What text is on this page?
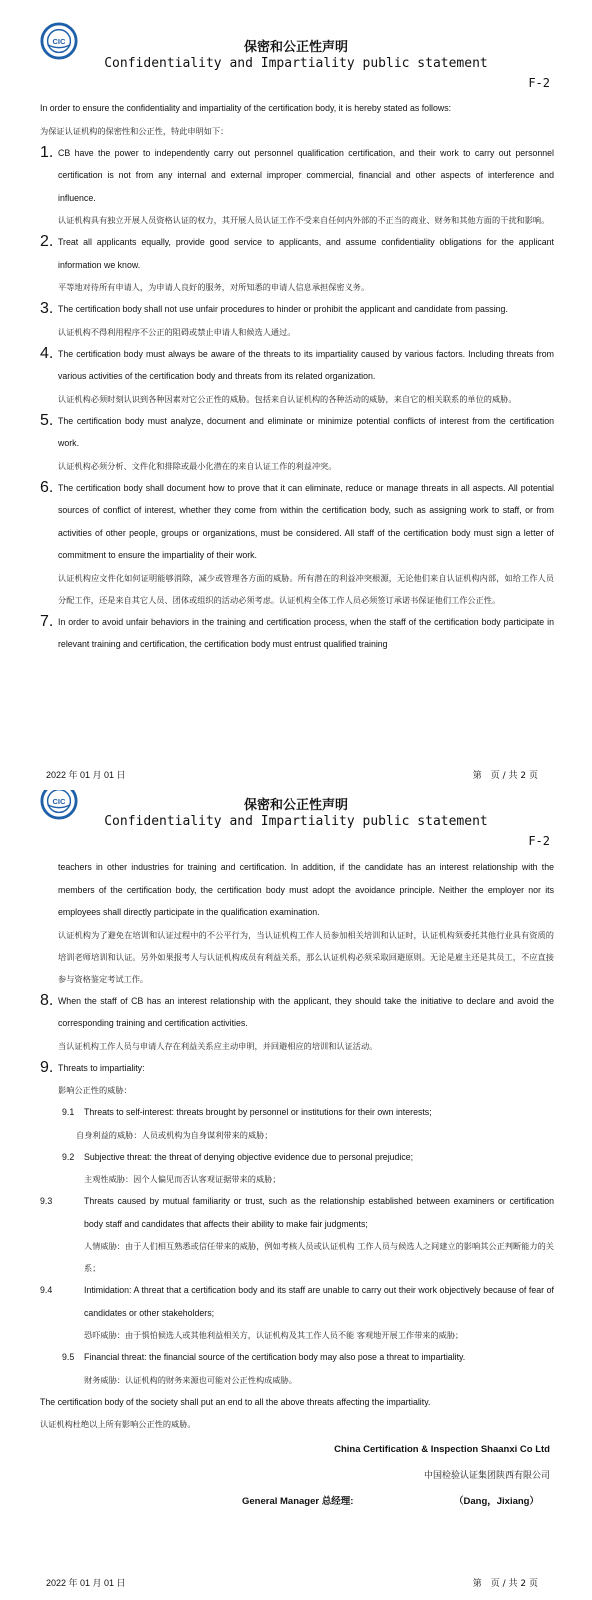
CIC	保密和公正性声明
Confidentiality and Impartiality public statement
F-2

In order to ensure the confidentiality and impartiality of the certification body, it is hereby stated as follows:

为保证认证机构的保密性和公正性，特此申明如下：

1. CB have the power to independently carry out personnel qualification certification, and their work to carry out personnel certification is not from any internal and external improper commercial, financial and other aspects of interference and influence.

认证机构具有独立开展人员资格认证的权力，其开展人员认证工作不受来自任何内外部的不正当的商业、财务和其他方面的干扰和影响。

2. Treat all applicants equally, provide good service to applicants, and assume confidentiality obligations for the applicant information we know.

平等地对待所有申请人，为申请人良好的服务，对所知悉的申请人信息承担保密义务。

3. The certification body shall not use unfair procedures to hinder or prohibit the applicant and candidate from passing.

认证机构不得利用程序不公正的阻碍或禁止申请人和候选人通过。

4. The certification body must always be aware of the threats to its impartiality caused by various factors. Including threats from various activities of the certification body and threats from its related organization.

认证机构必须时刻认识到各种因素对它公正性的威胁。包括来自认证机构的各种活动的威胁，来自它的相关联系的单位的威胁。

5. The certification body must analyze, document and eliminate or minimize potential conflicts of interest from the certification work.

认证机构必须分析、文件化和排除或最小化潜在的来自认证工作的利益冲突。

6. The certification body shall document how to prove that it can eliminate, reduce or manage threats in all aspects. All potential sources of conflict of interest, whether they come from within the certification body, such as assigning work to staff, or from activities of other people, groups or organizations, must be considered. All staff of the certification body must sign a letter of commitment to ensure the impartiality of their work.

认证机构应文件化如何证明能够消除，减少或管理各方面的威胁。所有潜在的利益冲突根源，无论他们来自认证机构内部，如给工作人员分配工作，还是来自其它人员、团体或组织的活动必须考虑。认证机构全体工作人员必须签订承诺书保证他们工作公正性。

7. In order to avoid unfair behaviors in the training and certification process, when the staff of the certification body participate in relevant training and certification, the certification body must entrust qualified training

2022 年 01 月 01 日	第　页 / 共 2 页
CIC	保密和公正性声明
Confidentiality and Impartiality public statement
F-2

teachers in other industries for training and certification. In addition, if the candidate has an interest relationship with the members of the certification body, the certification body must adopt the avoidance principle. Neither the employer nor its employees shall directly participate in the qualification examination.

认证机构为了避免在培训和认证过程中的不公平行为，当认证机构工作人员参加相关培训和认证时，认证机构须委托其他行业具有资质的培训老师培训和认证。另外如果报考人与认证机构成员有利益关系，那么认证机构必须采取回避原则。无论是雇主还是其员工，不应直接参与资格鉴定考试工作。

8. When the staff of CB has an interest relationship with the applicant, they should take the initiative to declare and avoid the corresponding training and certification activities.

当认证机构工作人员与申请人存在利益关系应主动申明，并回避相应的培训和认证活动。

9. Threats to impartiality:

影响公正性的威胁：

9.1 Threats to self-interest: threats brought by personnel or institutions for their own interests;

自身利益的威胁：人员或机构为自身谋利带来的威胁；

9.2 Subjective threat: the threat of denying objective evidence due to personal prejudice;

主观性威胁：因个人偏见而否认客观证据带来的威胁；

9.3	Threats caused by mutual familiarity or trust, such as the relationship established between examiners or certification body staff and candidates that affects their ability to make fair judgments;

人情威胁：由于人们相互熟悉或信任带来的威胁，例如考核人员或认证机构 工作人员与候选人之间建立的影响其公正判断能力的关系；

9.4	Intimidation: A threat that a certification body and its staff are unable to carry out their work objectively because of fear of candidates or other stakeholders;

恐吓威胁：由于惧怕候选人或其他利益相关方，认证机构及其工作人员不能 客观地开展工作带来的威胁；

9.5 Financial threat: the financial source of the certification body may also pose a threat to impartiality.

财务威胁：认证机构的财务来源也可能对公正性构成威胁。

The certification body of the society shall put an end to all the above threats affecting the impartiality.

认证机构杜绝以上所有影响公正性的威胁。

China Certification & Inspection Shaanxi Co Ltd
中国检验认证集团陕西有限公司
General Manager 总经理:	（Dang，Jixiang）
2022 年 01 月 01 日	第　页 / 共 2 页
